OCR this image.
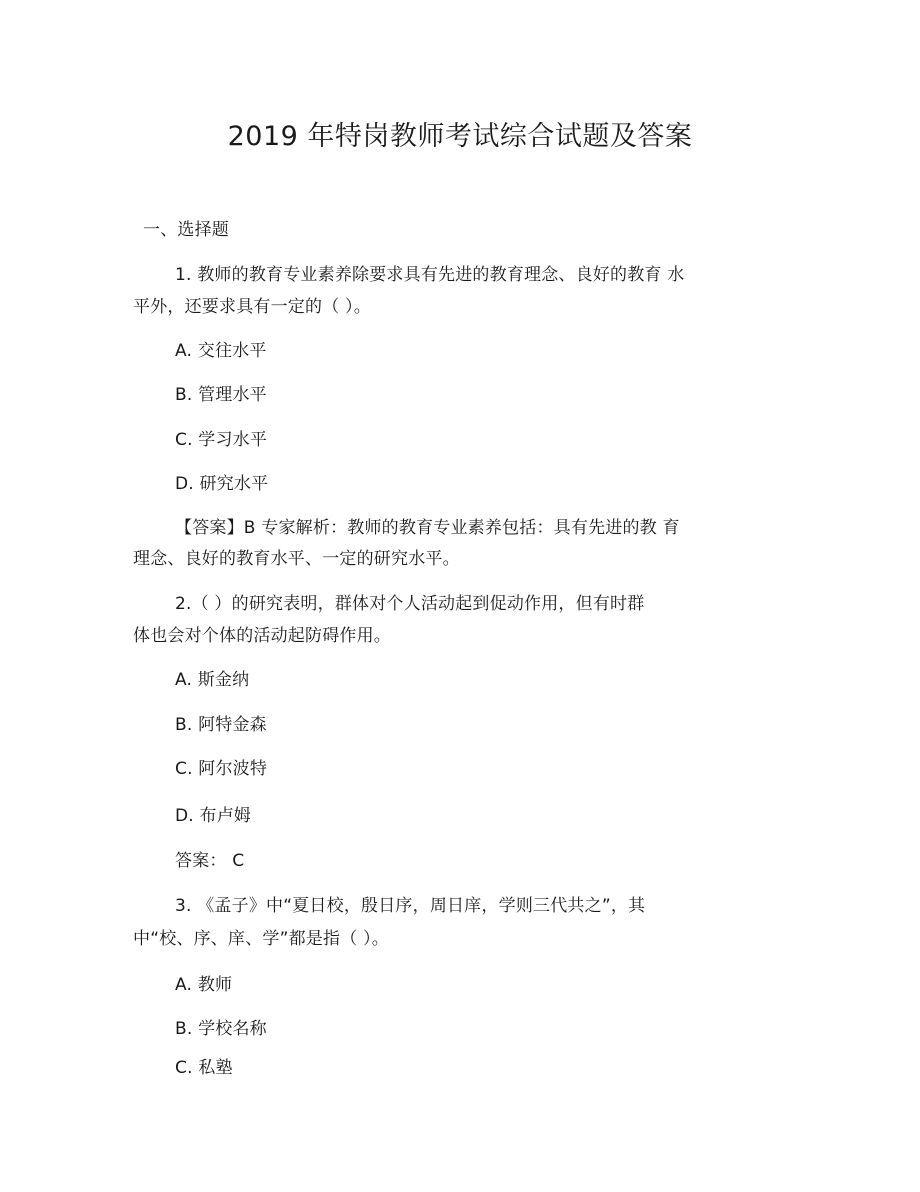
2019 年特岗教师考试综合试题及答案
一、选择题
1. 教师的教育专业素养除要求具有先进的教育理念、良好的教育 水
平外，还要求具有一定的（ ）。
A. 交往水平
B. 管理水平
C. 学习水平
D. 研究水平
【答案】B 专家解析：教师的教育专业素养包括：具有先进的教 育
理念、良好的教育水平、一定的研究水平。
2.（ ）的研究表明，群体对个人活动起到促动作用，但有时群
体也会对个体的活动起防碍作用。
A. 斯金纳
B. 阿特金森
C. 阿尔波特
D. 布卢姆
答案： C
3. 《孟子》中“夏日校，殷日序，周日庠，学则三代共之”，其
中“校、序、庠、学”都是指（ ）。
A. 教师
B. 学校名称
C. 私塾
